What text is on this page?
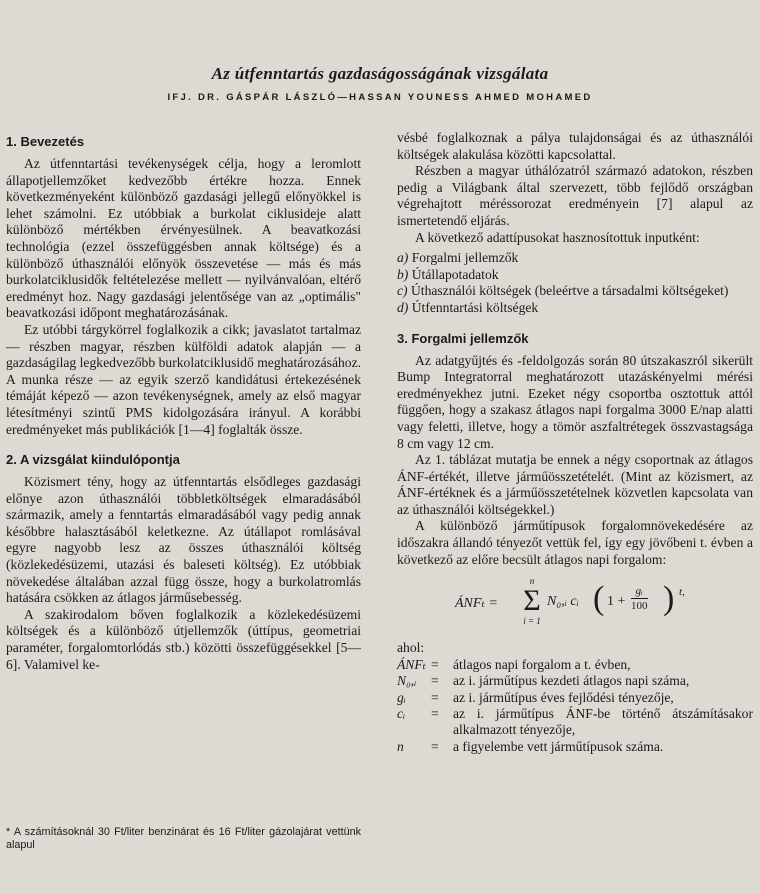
Az útfenntartás gazdaságosságának vizsgálata
IFJ. DR. GÁSPÁR LÁSZLÓ—HASSAN YOUNESS AHMED MOHAMED
1. Bevezetés

Az útfenntartási tevékenységek célja, hogy a leromlott állapotjellemzőket kedvezőbb értékre hozza. Ennek következményeként különböző gazdasági jellegű előnyökkel is lehet számolni. Ez utóbbiak a burkolat ciklusideje alatt különböző mértékben érvényesülnek. A beavatkozási technológia (ezzel összefüggésben annak költsége) és a különböző úthasználói előnyök összevetése — más és más burkolatciklusidők feltételezése mellett — nyilvánvalóan, eltérő eredményt hoz. Nagy gazdasági jelentősége van az „optimális" beavatkozási időpont meghatározásának.

Ez utóbbi tárgykörrel foglalkozik a cikk; javaslatot tartalmaz — részben magyar, részben külföldi adatok alapján — a gazdaságilag legkedvezőbb burkolatciklusidő meghatározásához. A munka része — az egyik szerző kandidátusi értekezésének témáját képező — azon tevékenységnek, amely az első magyar létesítményi szintű PMS kidolgozására irányul. A korábbi eredményeket más publikációk [1—4] foglalták össze.

2. A vizsgálat kiindulópontja

Közismert tény, hogy az útfenntartás elsődleges gazdasági előnye azon úthasználói többletköltségek elmaradásából származik, amely a fenntartás elmaradásából vagy pedig annak későbbre halasztásából keletkezne. Az útállapot romlásával egyre nagyobb lesz az összes úthasználói költség (közlekedésüzemi, utazási és baleseti költség). Ez utóbbiak növekedése általában azzal függ össze, hogy a burkolatromlás hatására csökken az átlagos járműsebesség.

A szakirodalom bőven foglalkozik a közlekedésüzemi költségek és a különböző útjellemzők (úttípus, geometriai paraméter, forgalomtorlódás stb.) közötti összefüggésekkel [5—6]. Valamivel ke-

* A számításoknál 30 Ft/liter benzinárat és 16 Ft/liter gázolajárat vettünk alapul

vésbé foglalkoznak a pálya tulajdonságai és az úthasználói költségek alakulása közötti kapcsolattal.

Részben a magyar úthálózatról származó adatokon, részben pedig a Világbank által szervezett, több fejlődő országban végrehajtott méréssorozat eredményein [7] alapul az ismertetendő eljárás.

A következő adattípusokat hasznosítottuk inputként:

a) Forgalmi jellemzők
b) Útállapotadatok
c) Úthasználói költségek (beleértve a társadalmi költségeket)
d) Útfenntartási költségek
3. Forgalmi jellemzők

Az adatgyűjtés és -feldolgozás során 80 útszakaszról sikerült Bump Integratorral meghatározott utazáskényelmi mérési eredményekhez jutni. Ezeket négy csoportba osztottuk attól függően, hogy a szakasz átlagos napi forgalma 3000 E/nap alatti vagy feletti, illetve, hogy a tömör aszfaltrétegek összvastagsága 8 cm vagy 12 cm.

Az 1. táblázat mutatja be ennek a négy csoportnak az átlagos ÁNF-értékét, illetve járműösszetételét. (Mint az közismert, az ÁNF-értéknek és a járműösszetételnek közvetlen kapcsolata van az úthasználói költségekkel.)

A különböző járműtípusok forgalomnövekedésére az időszakra állandó tényezőt vettük fel, így egy jövőbeni t. évben a következő az előre becsült átlagos napi forgalom:

ÁNFₜ =
n
Σ
i = 1
N₀,ᵢ cᵢ ( $1 + \frac{\text{gᵢ}}{100}$ ) t,
ahol:
ÁNFₜ	=	átlagos napi forgalom a t. évben,
N₀,ᵢ	=	az i. járműtípus kezdeti átlagos napi száma,
gᵢ	=	az i. járműtípus éves fejlődési tényezője,
cᵢ	=	az i. járműtípus ÁNF-be történő átszámításakor alkalmazott tényezője,
n	=	a figyelembe vett járműtípusok száma.
